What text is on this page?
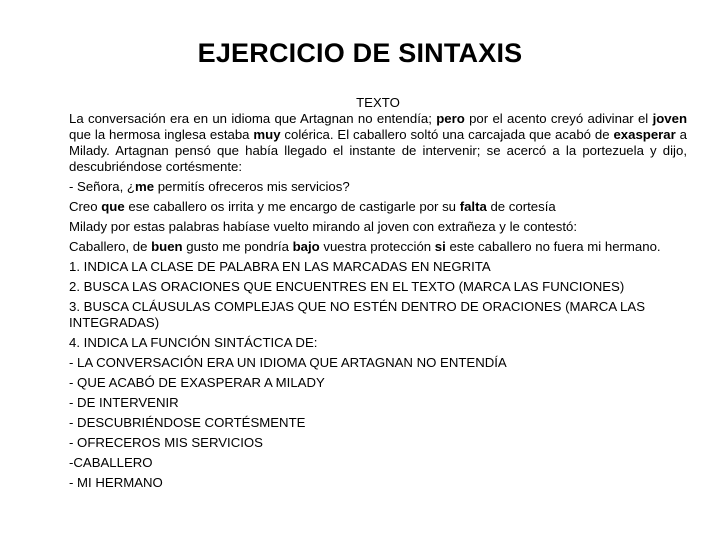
EJERCICIO DE SINTAXIS

TEXTO

La conversación era en un idioma que Artagnan no entendía; pero por el acento creyó adivinar el joven que la hermosa inglesa estaba muy colérica. El caballero soltó una carcajada que acabó de exasperar a Milady. Artagnan pensó que había llegado el instante de intervenir; se acercó a la portezuela y dijo, descubriéndose cortésmente:

- Señora, ¿me permitís ofreceros mis servicios?

Creo que ese caballero os irrita y me encargo de castigarle por su falta de cortesía

Milady por estas palabras habíase vuelto mirando al joven con extrañeza y le contestó:

Caballero, de buen gusto me pondría bajo vuestra protección si este caballero no fuera mi hermano.

1. INDICA LA CLASE DE PALABRA EN LAS MARCADAS EN NEGRITA

2. BUSCA LAS ORACIONES QUE ENCUENTRES EN EL TEXTO (MARCA LAS FUNCIONES)

3. BUSCA CLÁUSULAS COMPLEJAS QUE NO ESTÉN DENTRO DE ORACIONES (MARCA LAS INTEGRADAS)

4. INDICA LA FUNCIÓN SINTÁCTICA DE:

- LA CONVERSACIÓN ERA UN IDIOMA QUE ARTAGNAN NO ENTENDÍA

- QUE ACABÓ DE EXASPERAR A MILADY

- DE INTERVENIR

- DESCUBRIÉNDOSE CORTÉSMENTE

- OFRECEROS MIS SERVICIOS

-CABALLERO

- MI HERMANO
